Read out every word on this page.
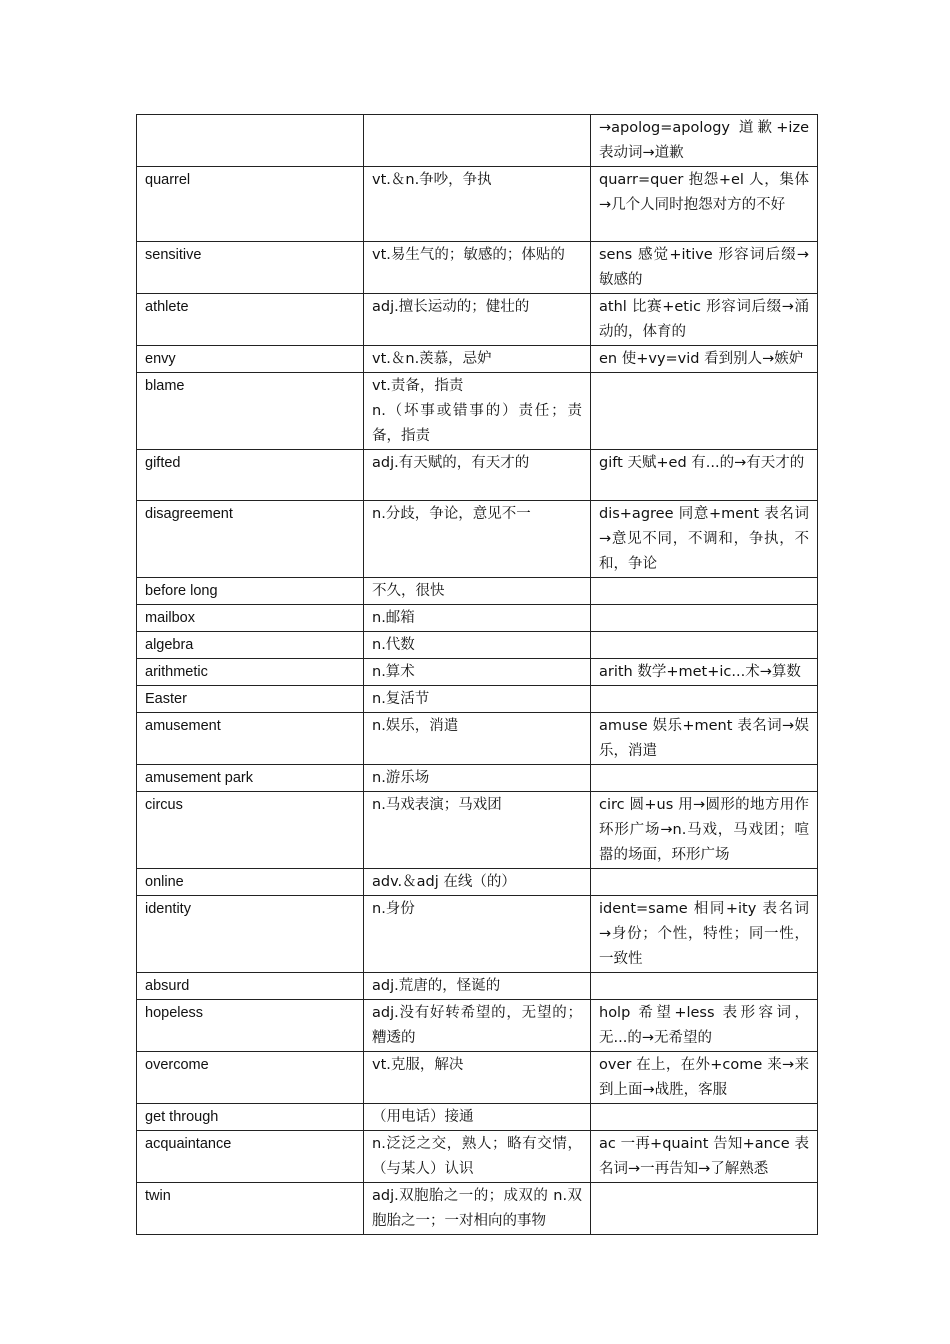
		→apolog=apology 道歉+ize 表动词→道歉
quarrel	vt.＆n.争吵，争执	quarr=quer 抱怨+el 人，集体→几个人同时抱怨对方的不好
sensitive	vt.易生气的；敏感的；体贴的	sens 感觉+itive 形容词后缀→敏感的
athlete	adj.擅长运动的；健壮的	athl 比赛+etic 形容词后缀→涌动的，体育的
envy	vt.＆n.羡慕，忌妒	en 使+vy=vid 看到别人→嫉妒
blame	vt.责备，指责
n.（坏事或错事的）责任；责备，指责	

gifted	adj.有天赋的，有天才的	gift 天赋+ed 有...的→有天才的
disagreement	n.分歧，争论，意见不一	dis+agree 同意+ment 表名词→意见不同，不调和，争执，不和，争论
before long	不久，很快	
mailbox	n.邮箱	
algebra	n.代数	
arithmetic	n.算术	arith 数学+met+ic...术→算数
Easter	n.复活节	
amusement	n.娱乐，消遣	amuse 娱乐+ment 表名词→娱乐，消遣
amusement park	n.游乐场	
circus	n.马戏表演；马戏团	circ 圆+us 用→圆形的地方用作环形广场→n.马戏，马戏团；喧嚣的场面，环形广场
online	adv.＆adj 在线（的）	
identity	n.身份	ident=same 相同+ity 表名词→身份；个性，特性；同一性，一致性
absurd	adj.荒唐的，怪诞的	
hopeless	adj.没有好转希望的，无望的；糟透的	holp 希望+less 表形容词，无...的→无希望的
overcome	vt.克服，解决	over 在上，在外+come 来→来到上面→战胜，客服
get through	（用电话）接通	
acquaintance	n.泛泛之交，熟人；略有交情，（与某人）认识	ac 一再+quaint 告知+ance 表名词→一再告知→了解熟悉
twin	adj.双胞胎之一的；成双的 n.双胞胎之一；一对相向的事物	
